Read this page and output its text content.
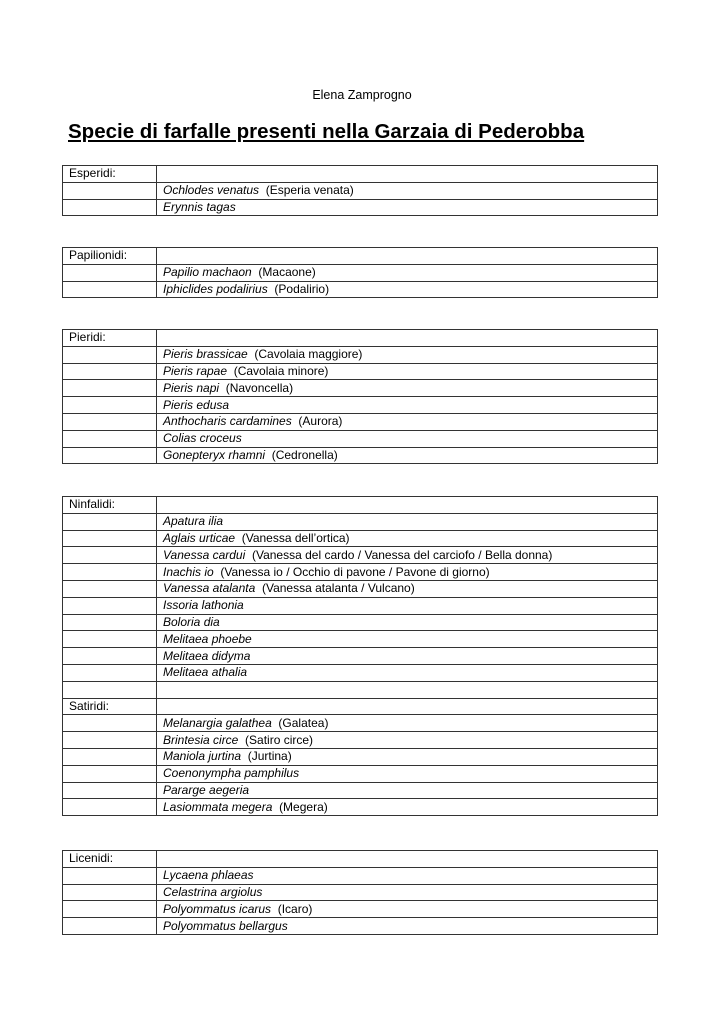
Elena Zamprogno
Specie di farfalle presenti nella Garzaia di Pederobba
Esperidi:	
	Ochlodes venatus (Esperia venata)
	Erynnis tagas
Papilionidi:	
	Papilio machaon (Macaone)
	Iphiclides podalirius (Podalirio)
Pieridi:	
	Pieris brassicae (Cavolaia maggiore)
	Pieris rapae (Cavolaia minore)
	Pieris napi (Navoncella)
	Pieris edusa
	Anthocharis cardamines (Aurora)
	Colias croceus
	Gonepteryx rhamni (Cedronella)
Ninfalidi:	
	Apatura ilia
	Aglais urticae (Vanessa dell’ortica)
	Vanessa cardui (Vanessa del cardo / Vanessa del carciofo / Bella donna)
	Inachis io (Vanessa io / Occhio di pavone / Pavone di giorno)
	Vanessa atalanta (Vanessa atalanta / Vulcano)
	Issoria lathonia
	Boloria dia
	Melitaea phoebe
	Melitaea didyma
	Melitaea athalia

Satiridi:	
	Melanargia galathea (Galatea)
	Brintesia circe (Satiro circe)
	Maniola jurtina (Jurtina)
	Coenonympha pamphilus
	Pararge aegeria
	Lasiommata megera (Megera)
Licenidi:	
	Lycaena phlaeas
	Celastrina argiolus
	Polyommatus icarus (Icaro)
	Polyommatus bellargus
